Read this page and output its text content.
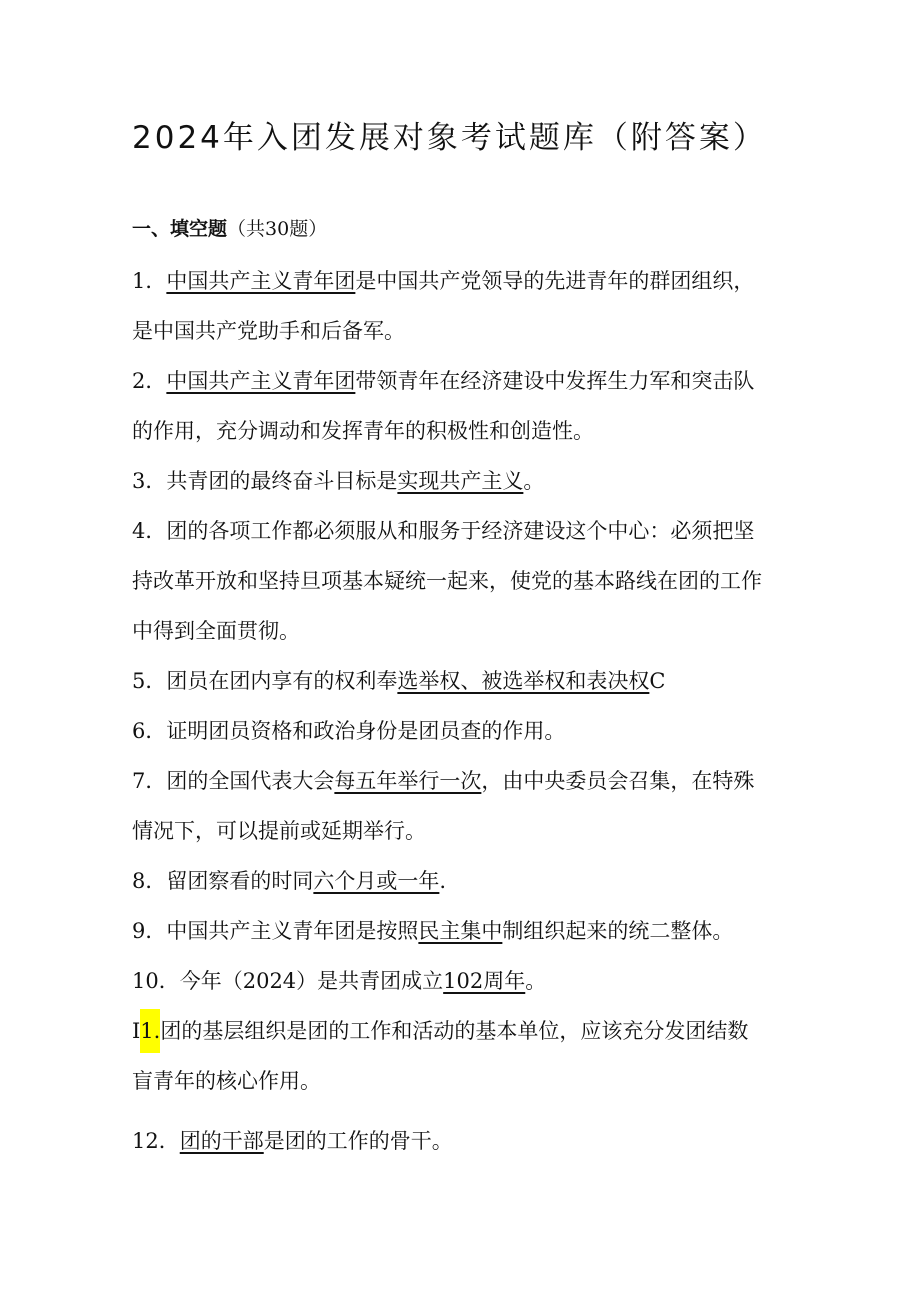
2024年入团发展对象考试题库（附答案）
一、填空题（共30题）
1．中国共产主义青年团是中国共产党领导的先进青年的群团组织，
是中国共产党助手和后备军。
2．中国共产主义青年团带领青年在经济建设中发挥生力军和突击队
的作用，充分调动和发挥青年的积极性和创造性。
3．共青团的最终奋斗目标是实现共产主义。
4．团的各项工作都必须服从和服务于经济建设这个中心：必须把坚
持改革开放和坚持旦项基本疑统一起来，使党的基本路线在团的工作
中得到全面贯彻。
5．团员在团内享有的权利奉选举权、被选举权和表决权C
6．证明团员资格和政治身份是团员查的作用。
7．团的全国代表大会每五年举行一次，由中央委员会召集，在特殊
情况下，可以提前或延期举行。
8．留团察看的时同六个月或一年.
9．中国共产主义青年团是按照民主集中制组织起来的统二整体。
10．今年（2024）是共青团成立102周年。
I1.团的基层组织是团的工作和活动的基本单位，应该充分发团结数
盲青年的核心作用。
12．团的干部是团的工作的骨干。
